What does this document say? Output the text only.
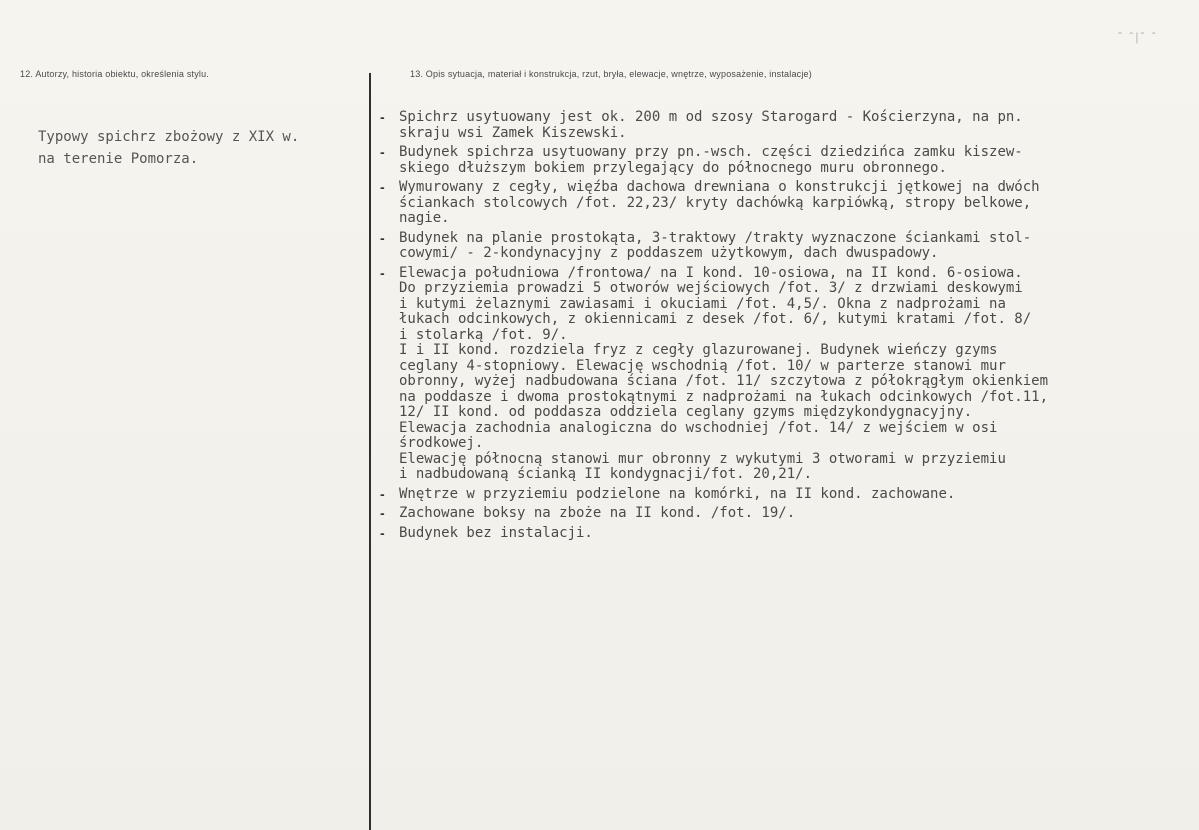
12. Autorzy, historia obiektu, określenia stylu.	13. Opis sytuacja, materiał i konstrukcja, rzut, bryła, elewacje, wnętrze, wyposażenie, instalacje)
ˆ ˆ|ˆ ˆ
Typowy spichrz zbożowy z XIX w.
na terenie Pomorza.
- Spichrz usytuowany jest ok. 200 m od szosy Starogard - Kościerzyna, na pn.
skraju wsi Zamek Kiszewski.
- Budynek spichrza usytuowany przy pn.-wsch. części dziedzińca zamku kiszew-
skiego dłuższym bokiem przylegający do północnego muru obronnego.
- Wymurowany z cegły, więźba dachowa drewniana o konstrukcji jętkowej na dwóch
ściankach stolcowych /fot. 22,23/ kryty dachówką karpiówką, stropy belkowe,
nagie.
- Budynek na planie prostokąta, 3-traktowy /trakty wyznaczone ściankami stol-
cowymi/ - 2-kondynacyjny z poddaszem użytkowym, dach dwuspadowy.
- Elewacja południowa /frontowa/ na I kond. 10-osiowa, na II kond. 6-osiowa.
Do przyziemia prowadzi 5 otworów wejściowych /fot. 3/ z drzwiami deskowymi
i kutymi żelaznymi zawiasami i okuciami /fot. 4,5/. Okna z nadprożami na
łukach odcinkowych, z okiennicami z desek /fot. 6/, kutymi kratami /fot. 8/
i stolarką /fot. 9/.
I i II kond. rozdziela fryz z cegły glazurowanej. Budynek wieńczy gzyms
ceglany 4-stopniowy. Elewację wschodnią /fot. 10/ w parterze stanowi mur
obronny, wyżej nadbudowana ściana /fot. 11/ szczytowa z półokrągłym okienkiem
na poddasze i dwoma prostokątnymi z nadprożami na łukach odcinkowych /fot.11,
12/ II kond. od poddasza oddziela ceglany gzyms międzykondygnacyjny.
Elewacja zachodnia analogiczna do wschodniej /fot. 14/ z wejściem w osi
środkowej.
Elewację północną stanowi mur obronny z wykutymi 3 otworami w przyziemiu
i nadbudowaną ścianką II kondygnacji/fot. 20,21/.
- Wnętrze w przyziemiu podzielone na komórki, na II kond. zachowane.
- Zachowane boksy na zboże na II kond. /fot. 19/.
- Budynek bez instalacji.
